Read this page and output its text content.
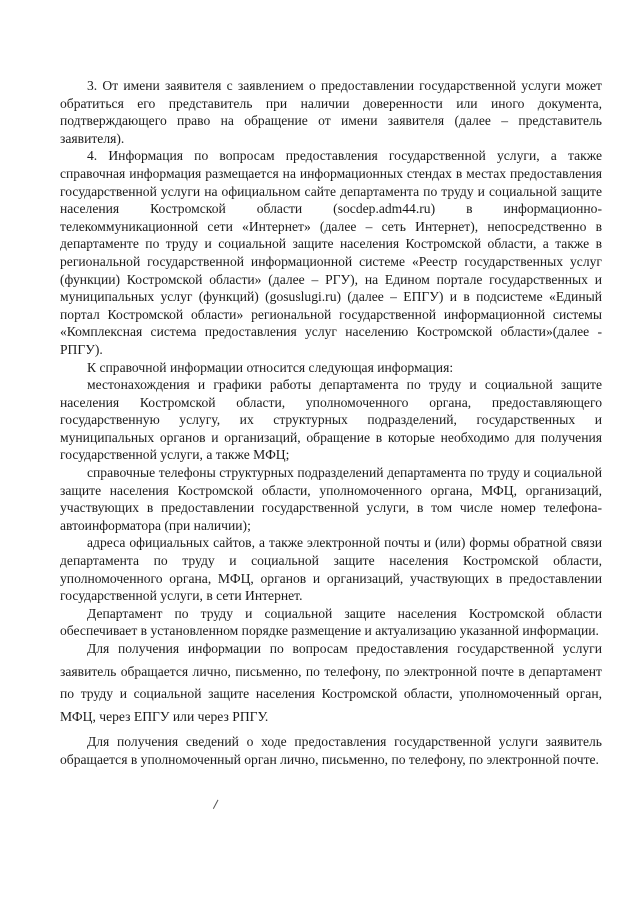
3. От имени заявителя с заявлением о предоставлении государственной услуги может обратиться его представитель при наличии доверенности или иного документа, подтверждающего право на обращение от имени заявителя (далее – представитель заявителя).

4. Информация по вопросам предоставления государственной услуги, а также справочная информация размещается на информационных стендах в местах предоставления государственной услуги на официальном сайте департамента по труду и социальной защите населения Костромской области (socdep.adm44.ru) в информационно-телекоммуникационной сети «Интернет» (далее – сеть Интернет), непосредственно в департаменте по труду и социальной защите населения Костромской области, а также в региональной государственной информационной системе «Реестр государственных услуг (функции) Костромской области» (далее – РГУ), на Едином портале государственных и муниципальных услуг (функций) (gosuslugi.ru) (далее – ЕПГУ) и в подсистеме «Единый портал Костромской области» региональной государственной информационной системы «Комплексная система предоставления услуг населению Костромской области»(далее - РПГУ).

К справочной информации относится следующая информация:

местонахождения и графики работы департамента по труду и социальной защите населения Костромской области, уполномоченного органа, предоставляющего государственную услугу, их структурных подразделений, государственных и муниципальных органов и организаций, обращение в которые необходимо для получения государственной услуги, а также МФЦ;

справочные телефоны структурных подразделений департамента по труду и социальной защите населения Костромской области, уполномоченного органа, МФЦ, организаций, участвующих в предоставлении государственной услуги, в том числе номер телефона-автоинформатора (при наличии);

адреса официальных сайтов, а также электронной почты и (или) формы обратной связи департамента по труду и социальной защите населения Костромской области, уполномоченного органа, МФЦ, органов и организаций, участвующих в предоставлении государственной услуги, в сети Интернет.

Департамент по труду и социальной защите населения Костромской области обеспечивает в установленном порядке размещение и актуализацию указанной информации.

Для получения информации по вопросам предоставления государственной услуги заявитель обращается лично, письменно, по телефону, по электронной почте в департамент по труду и социальной защите населения Костромской области, уполномоченный орган, МФЦ, через ЕПГУ или через РПГУ.

Для получения сведений о ходе предоставления государственной услуги заявитель обращается в уполномоченный орган лично, письменно, по телефону, по электронной почте.
